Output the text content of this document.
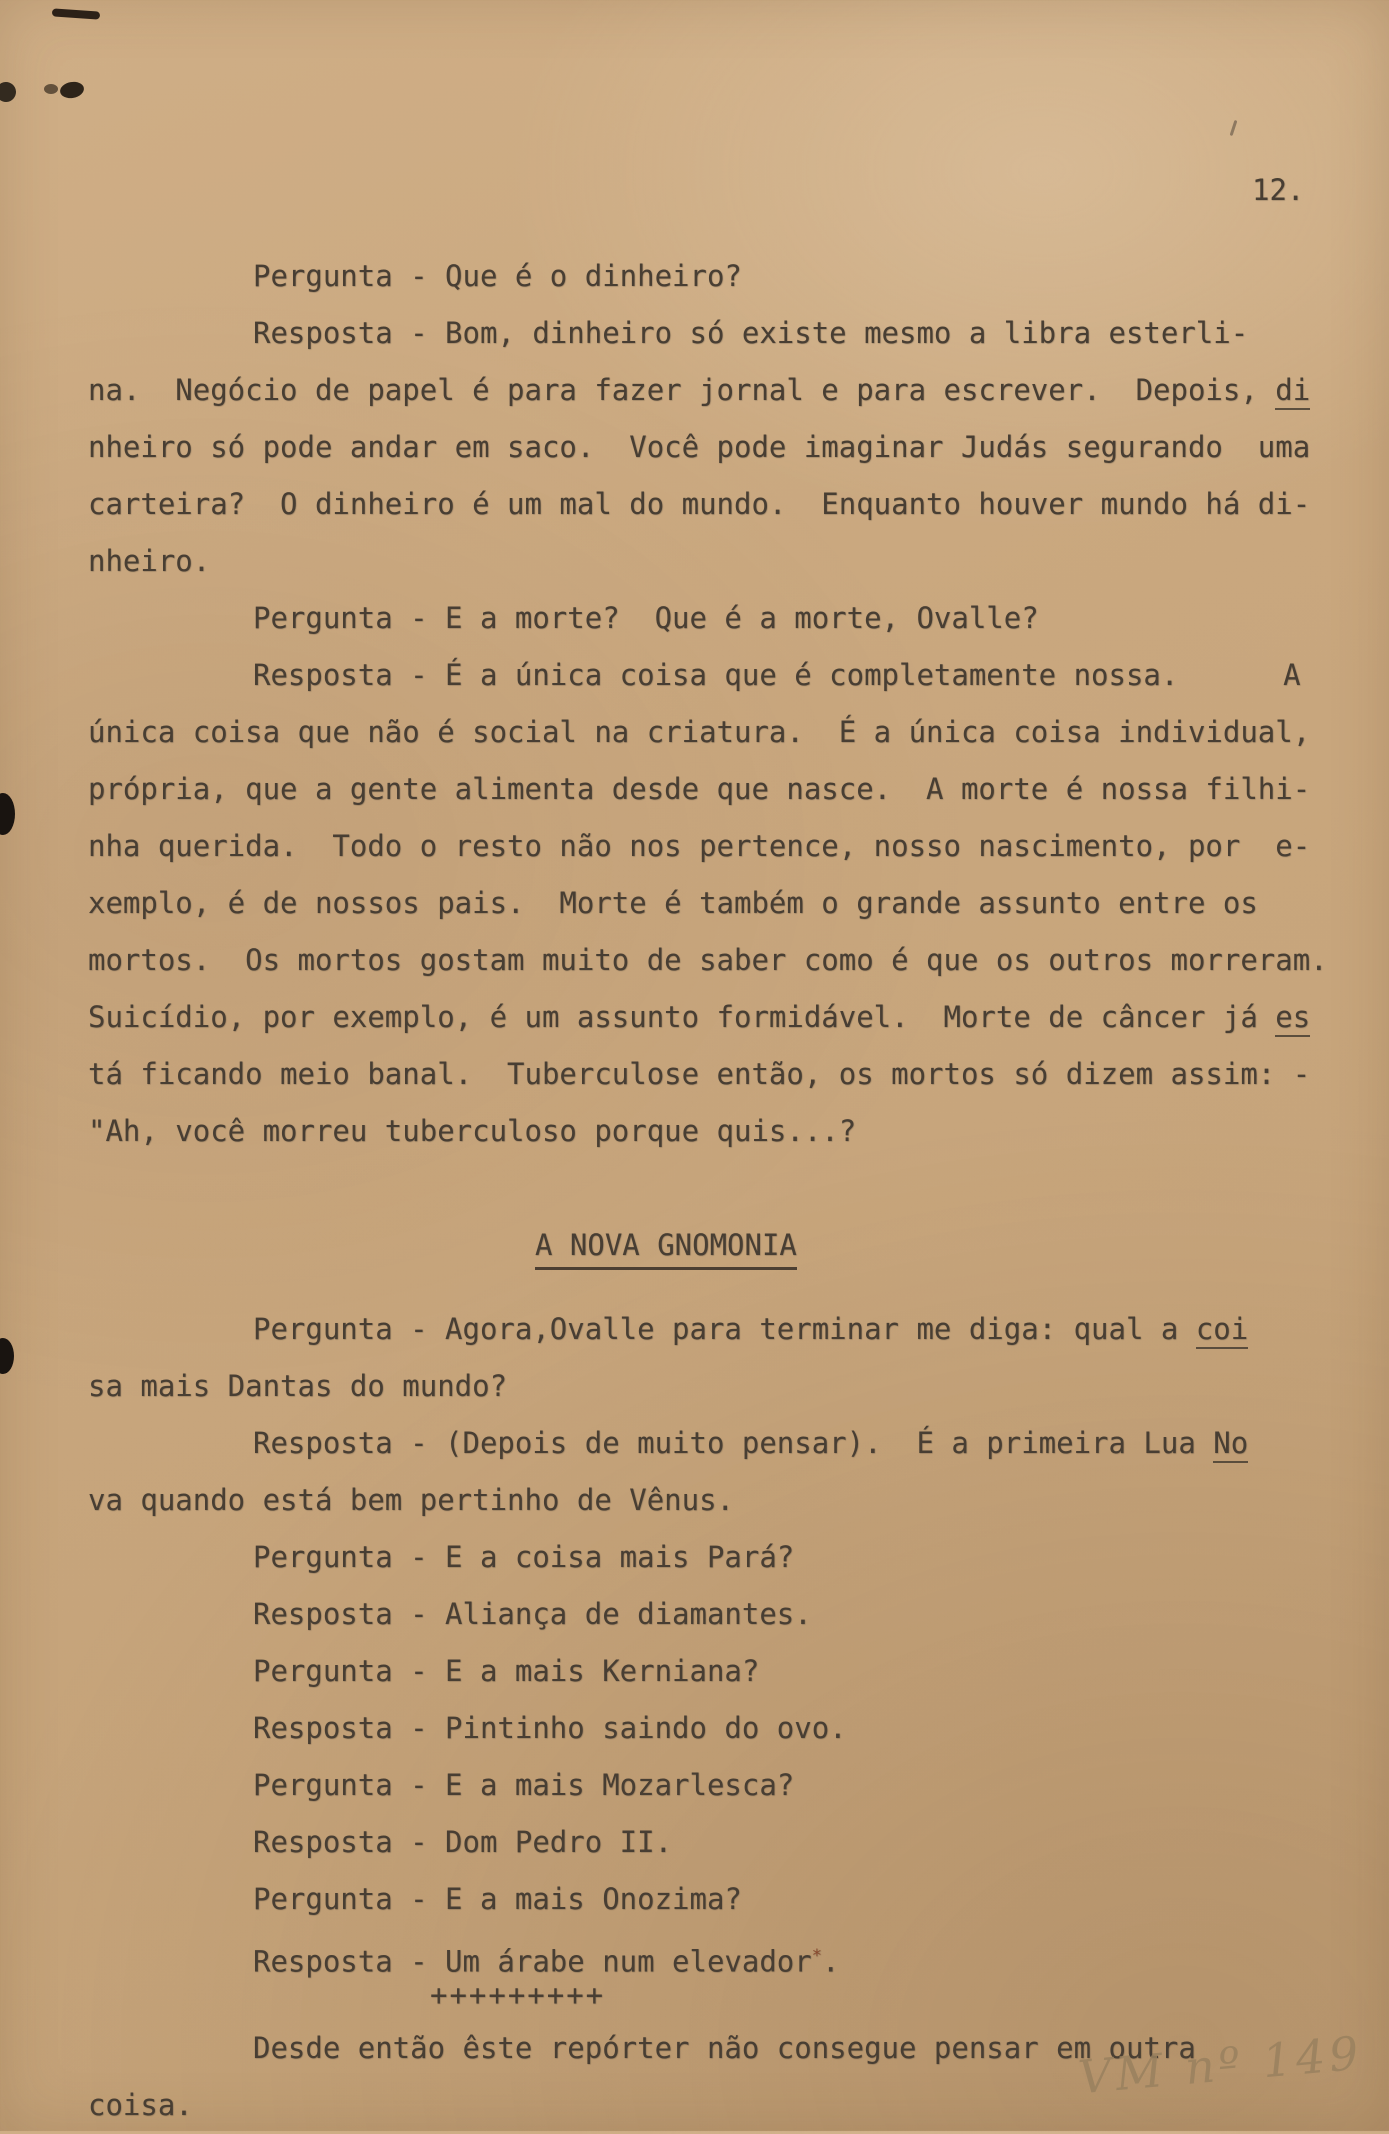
12.
Pergunta - Que é o dinheiro?
Resposta - Bom, dinheiro só existe mesmo a libra esterli-
na.  Negócio de papel é para fazer jornal e para escrever.  Depois, di
nheiro só pode andar em saco.  Você pode imaginar Judás segurando  uma
carteira?  O dinheiro é um mal do mundo.  Enquanto houver mundo há di-
nheiro.
Pergunta - E a morte?  Que é a morte, Ovalle?
Resposta - É a única coisa que é completamente nossa.      A
única coisa que não é social na criatura.  É a única coisa individual,
própria, que a gente alimenta desde que nasce.  A morte é nossa filhi-
nha querida.  Todo o resto não nos pertence, nosso nascimento, por  e-
xemplo, é de nossos pais.  Morte é também o grande assunto entre os
mortos.  Os mortos gostam muito de saber como é que os outros morreram.
Suicídio, por exemplo, é um assunto formidável.  Morte de câncer já es
tá ficando meio banal.  Tuberculose então, os mortos só dizem assim: -
"Ah, você morreu tuberculoso porque quis...?
A NOVA GNOMONIA
Pergunta - Agora,Ovalle para terminar me diga: qual a coi
sa mais Dantas do mundo?
Resposta - (Depois de muito pensar).  É a primeira Lua No
va quando está bem pertinho de Vênus.
Pergunta - E a coisa mais Pará?
Resposta - Aliança de diamantes.
Pergunta - E a mais Kerniana?
Resposta - Pintinho saindo do ovo.
Pergunta - E a mais Mozarlesca?
Resposta - Dom Pedro II.
Pergunta - E a mais Onozima?
Resposta - Um árabe num elevador*.
+++++++++
Desde então êste repórter não consegue pensar em outra
coisa.
VM nº 149
